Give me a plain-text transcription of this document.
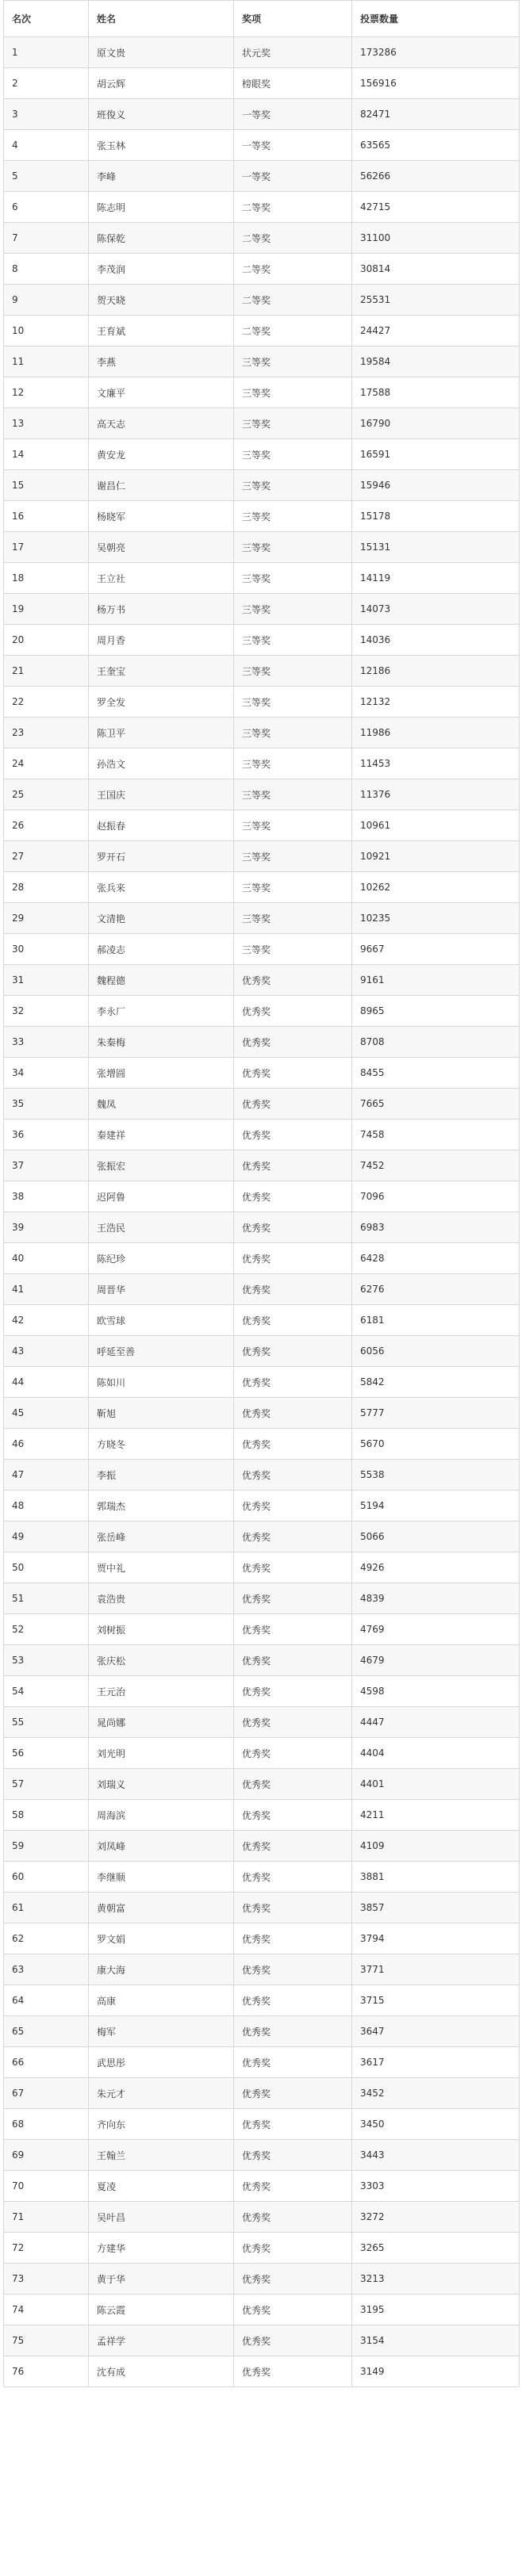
名次	姓名	奖项	投票数量
1	原文贵	状元奖	173286
2	胡云辉	榜眼奖	156916
3	班俊义	一等奖	82471
4	张玉林	一等奖	63565
5	李峰	一等奖	56266
6	陈志明	二等奖	42715
7	陈保乾	二等奖	31100
8	李茂润	二等奖	30814
9	贺天晓	二等奖	25531
10	王育斌	二等奖	24427
11	李燕	三等奖	19584
12	文廉平	三等奖	17588
13	高天志	三等奖	16790
14	黄安龙	三等奖	16591
15	谢昌仁	三等奖	15946
16	杨晓军	三等奖	15178
17	吴朝亮	三等奖	15131
18	王立社	三等奖	14119
19	杨万书	三等奖	14073
20	周月香	三等奖	14036
21	王奎宝	三等奖	12186
22	罗全发	三等奖	12132
23	陈卫平	三等奖	11986
24	孙浩文	三等奖	11453
25	王国庆	三等奖	11376
26	赵振春	三等奖	10961
27	罗开石	三等奖	10921
28	张兵来	三等奖	10262
29	文清艳	三等奖	10235
30	郝凌志	三等奖	9667
31	魏程德	优秀奖	9161
32	李永厂	优秀奖	8965
33	朱秦梅	优秀奖	8708
34	张增圆	优秀奖	8455
35	魏凤	优秀奖	7665
36	秦建祥	优秀奖	7458
37	张振宏	优秀奖	7452
38	迟阿鲁	优秀奖	7096
39	王浩民	优秀奖	6983
40	陈纪珍	优秀奖	6428
41	周晋华	优秀奖	6276
42	欧雪球	优秀奖	6181
43	呼延至善	优秀奖	6056
44	陈如川	优秀奖	5842
45	靳旭	优秀奖	5777
46	方晓冬	优秀奖	5670
47	李振	优秀奖	5538
48	郭瑞杰	优秀奖	5194
49	张岳峰	优秀奖	5066
50	贾中礼	优秀奖	4926
51	袁浩贵	优秀奖	4839
52	刘树振	优秀奖	4769
53	张庆松	优秀奖	4679
54	王元治	优秀奖	4598
55	晁尚娜	优秀奖	4447
56	刘光明	优秀奖	4404
57	刘瑞义	优秀奖	4401
58	周海滨	优秀奖	4211
59	刘凤峰	优秀奖	4109
60	李继顺	优秀奖	3881
61	黄朝富	优秀奖	3857
62	罗文娟	优秀奖	3794
63	康大海	优秀奖	3771
64	高康	优秀奖	3715
65	梅军	优秀奖	3647
66	武思彤	优秀奖	3617
67	朱元才	优秀奖	3452
68	齐向东	优秀奖	3450
69	王翰兰	优秀奖	3443
70	夏凌	优秀奖	3303
71	吴叶昌	优秀奖	3272
72	方建华	优秀奖	3265
73	黄于华	优秀奖	3213
74	陈云霞	优秀奖	3195
75	孟祥学	优秀奖	3154
76	沈有成	优秀奖	3149
